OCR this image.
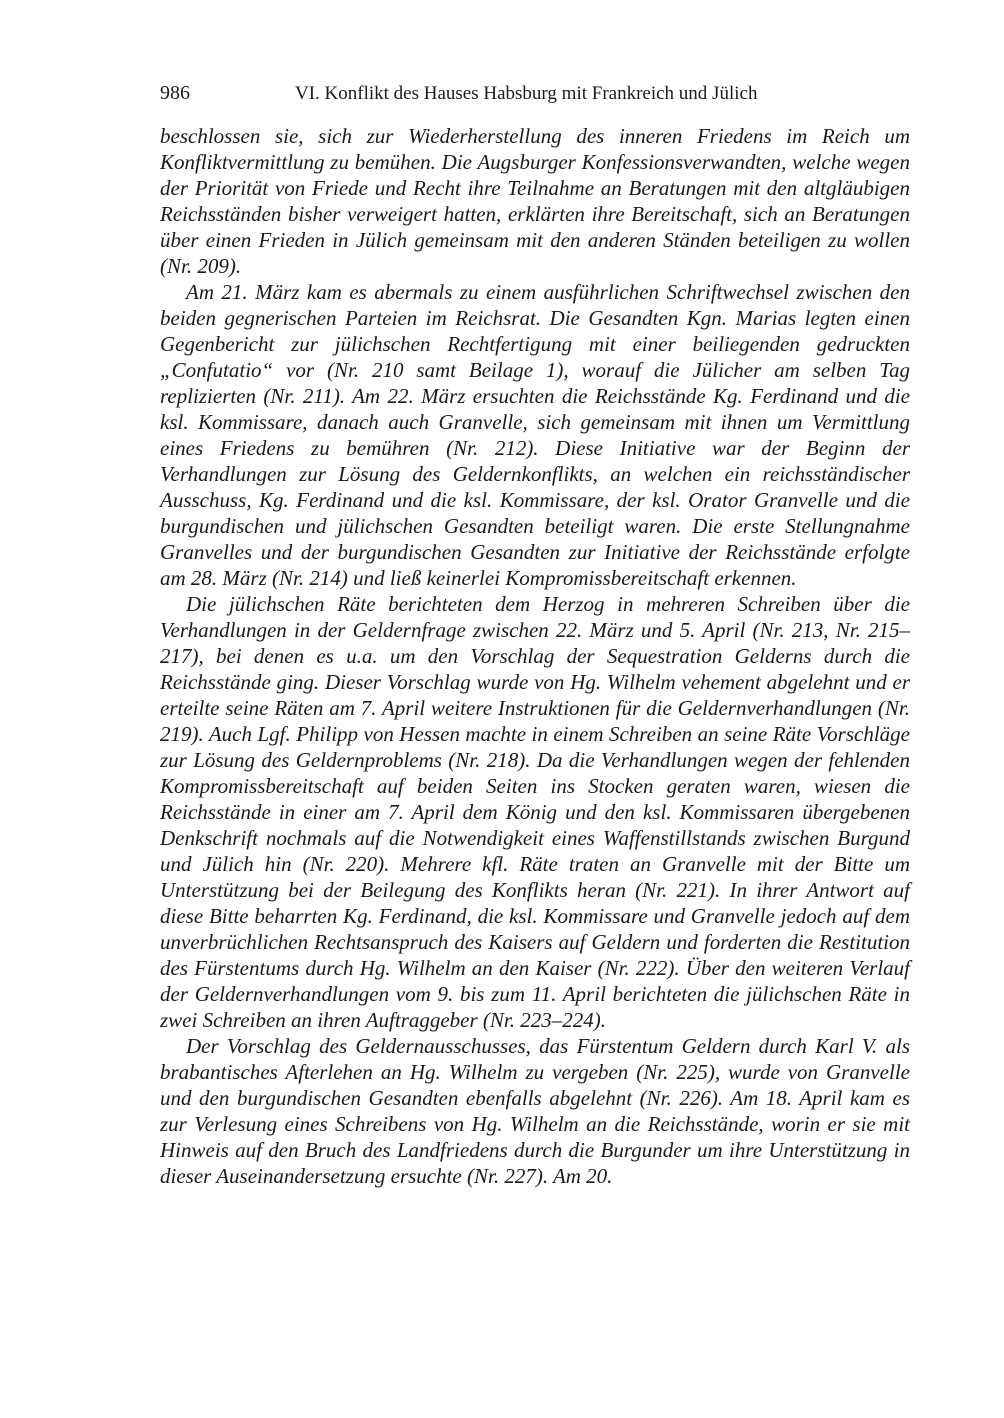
986	VI. Konflikt des Hauses Habsburg mit Frankreich und Jülich

beschlossen sie, sich zur Wiederherstellung des inneren Friedens im Reich um Konfliktvermittlung zu bemühen. Die Augsburger Konfessionsverwandten, welche wegen der Priorität von Friede und Recht ihre Teilnahme an Beratungen mit den altgläubigen Reichsständen bisher verweigert hatten, erklärten ihre Bereitschaft, sich an Beratungen über einen Frieden in Jülich gemeinsam mit den anderen Ständen beteiligen zu wollen (Nr. 209).

Am 21. März kam es abermals zu einem ausführlichen Schriftwechsel zwischen den beiden gegnerischen Parteien im Reichsrat. Die Gesandten Kgn. Marias legten einen Gegenbericht zur jülichschen Rechtfertigung mit einer beiliegenden gedruckten „Confutatio“ vor (Nr. 210 samt Beilage 1), worauf die Jülicher am selben Tag replizierten (Nr. 211). Am 22. März ersuchten die Reichsstände Kg. Ferdinand und die ksl. Kommissare, danach auch Granvelle, sich gemeinsam mit ihnen um Vermittlung eines Friedens zu bemühren (Nr. 212). Diese Initiative war der Beginn der Verhandlungen zur Lösung des Geldernkonflikts, an welchen ein reichsständischer Ausschuss, Kg. Ferdinand und die ksl. Kommissare, der ksl. Orator Granvelle und die burgundischen und jülichschen Gesandten beteiligt waren. Die erste Stellungnahme Granvelles und der burgundischen Gesandten zur Initiative der Reichsstände erfolgte am 28. März (Nr. 214) und ließ keinerlei Kompromissbereitschaft erkennen.

Die jülichschen Räte berichteten dem Herzog in mehreren Schreiben über die Verhandlungen in der Geldernfrage zwischen 22. März und 5. April (Nr. 213, Nr. 215–217), bei denen es u.a. um den Vorschlag der Sequestration Gelderns durch die Reichsstände ging. Dieser Vorschlag wurde von Hg. Wilhelm vehement abgelehnt und er erteilte seine Räten am 7. April weitere Instruktionen für die Geldernverhandlungen (Nr. 219). Auch Lgf. Philipp von Hessen machte in einem Schreiben an seine Räte Vorschläge zur Lösung des Geldernproblems (Nr. 218). Da die Verhandlungen wegen der fehlenden Kompromissbereitschaft auf beiden Seiten ins Stocken geraten waren, wiesen die Reichsstände in einer am 7. April dem König und den ksl. Kommissaren übergebenen Denkschrift nochmals auf die Notwendigkeit eines Waffenstillstands zwischen Burgund und Jülich hin (Nr. 220). Mehrere kfl. Räte traten an Granvelle mit der Bitte um Unterstützung bei der Beilegung des Konflikts heran (Nr. 221). In ihrer Antwort auf diese Bitte beharrten Kg. Ferdinand, die ksl. Kommissare und Granvelle jedoch auf dem unverbrüchlichen Rechtsanspruch des Kaisers auf Geldern und forderten die Restitution des Fürstentums durch Hg. Wilhelm an den Kaiser (Nr. 222). Über den weiteren Verlauf der Geldernverhandlungen vom 9. bis zum 11. April berichteten die jülichschen Räte in zwei Schreiben an ihren Auftraggeber (Nr. 223–224).

Der Vorschlag des Geldernausschusses, das Fürstentum Geldern durch Karl V. als brabantisches Afterlehen an Hg. Wilhelm zu vergeben (Nr. 225), wurde von Granvelle und den burgundischen Gesandten ebenfalls abgelehnt (Nr. 226). Am 18. April kam es zur Verlesung eines Schreibens von Hg. Wilhelm an die Reichsstände, worin er sie mit Hinweis auf den Bruch des Landfriedens durch die Burgunder um ihre Unterstützung in dieser Auseinandersetzung ersuchte (Nr. 227). Am 20.
